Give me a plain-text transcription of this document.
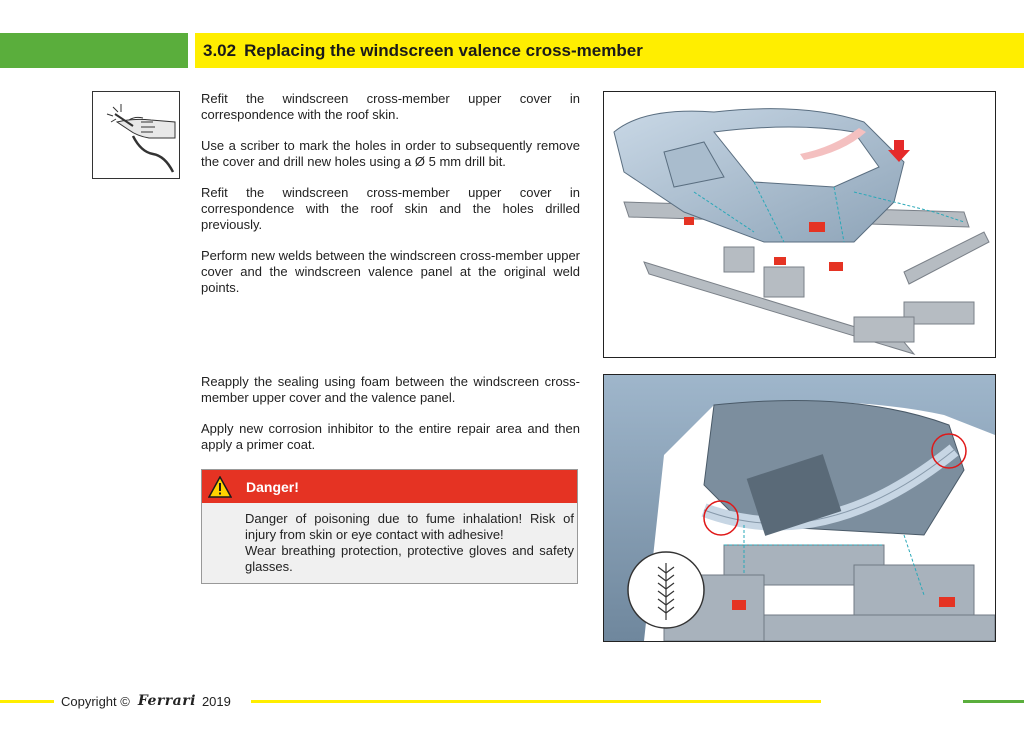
3.02 Replacing the windscreen valence cross-member

Refit the windscreen cross-member upper cover in correspondence with the roof skin.

Use a scriber to mark the holes in order to subsequently remove the cover and drill new holes using a Ø 5 mm drill bit.

Refit the windscreen cross-member upper cover in correspondence with the roof skin and the holes drilled previously.

Perform new welds between the windscreen cross-member upper cover and the windscreen valence panel at the original weld points.

Reapply the sealing using foam between the windscreen cross-member upper cover and the valence panel.

Apply new corrosion inhibitor to the entire repair area and then apply a primer coat.

Danger!

Danger of poisoning due to fume inhalation! Risk of injury from skin or eye contact with adhesive!

Wear breathing protection, protective gloves and safety glasses.

Copyright © Ferrari 2019
